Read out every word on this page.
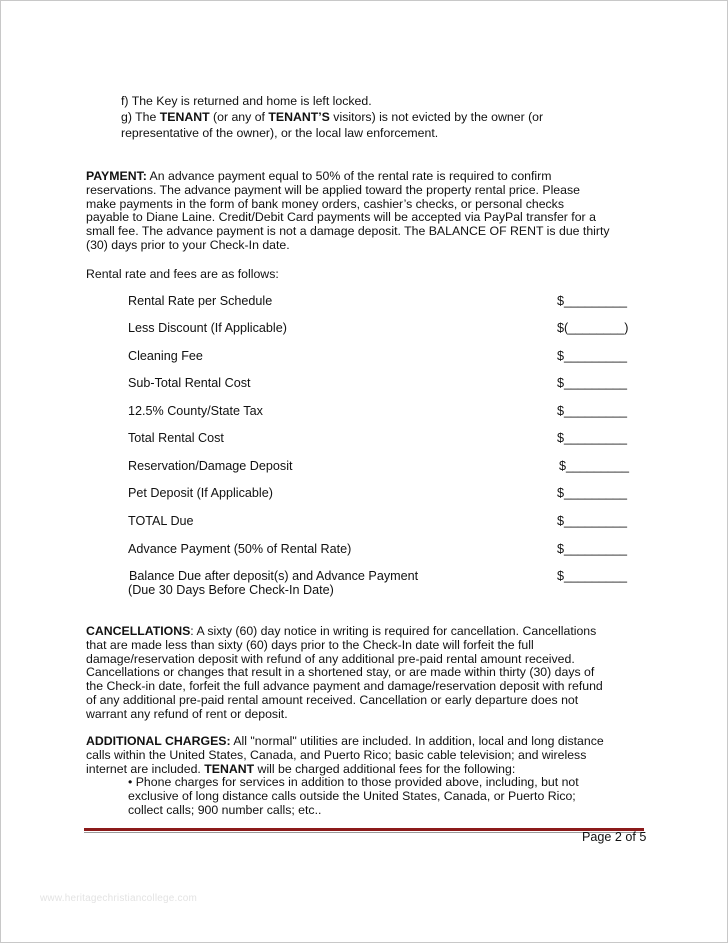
f) The Key is returned and home is left locked.
g) The TENANT (or any of TENANT’S visitors) is not evicted by the owner (or
representative of the owner), or the local law enforcement.
PAYMENT: An advance payment equal to 50% of the rental rate is required to confirm
reservations. The advance payment will be applied toward the property rental price. Please
make payments in the form of bank money orders, cashier’s checks, or personal checks
payable to Diane Laine. Credit/Debit Card payments will be accepted via PayPal transfer for a
small fee. The advance payment is not a damage deposit. The BALANCE OF RENT is due thirty
(30) days prior to your Check-In date.
Rental rate and fees are as follows:
Rental Rate per Schedule	$_________
Less Discount (If Applicable)	$(________)
Cleaning Fee	$_________
Sub-Total Rental Cost	$_________
12.5% County/State Tax	$_________
Total Rental Cost	$_________
Reservation/Damage Deposit	$_________
Pet Deposit (If Applicable)	$_________
TOTAL Due	$_________
Advance Payment (50% of Rental Rate)	$_________
Balance Due after deposit(s) and Advance Payment
(Due 30 Days Before Check-In Date)
$_________
CANCELLATIONS: A sixty (60) day notice in writing is required for cancellation. Cancellations
that are made less than sixty (60) days prior to the Check-In date will forfeit the full
damage/reservation deposit with refund of any additional pre-paid rental amount received.
Cancellations or changes that result in a shortened stay, or are made within thirty (30) days of
the Check-in date, forfeit the full advance payment and damage/reservation deposit with refund
of any additional pre-paid rental amount received. Cancellation or early departure does not
warrant any refund of rent or deposit.
ADDITIONAL CHARGES: All "normal" utilities are included. In addition, local and long distance
calls within the United States, Canada, and Puerto Rico; basic cable television; and wireless
internet are included. TENANT will be charged additional fees for the following:
• Phone charges for services in addition to those provided above, including, but not
exclusive of long distance calls outside the United States, Canada, or Puerto Rico;
collect calls; 900 number calls; etc..
Page 2 of 5
www.heritagechristiancollege.com
